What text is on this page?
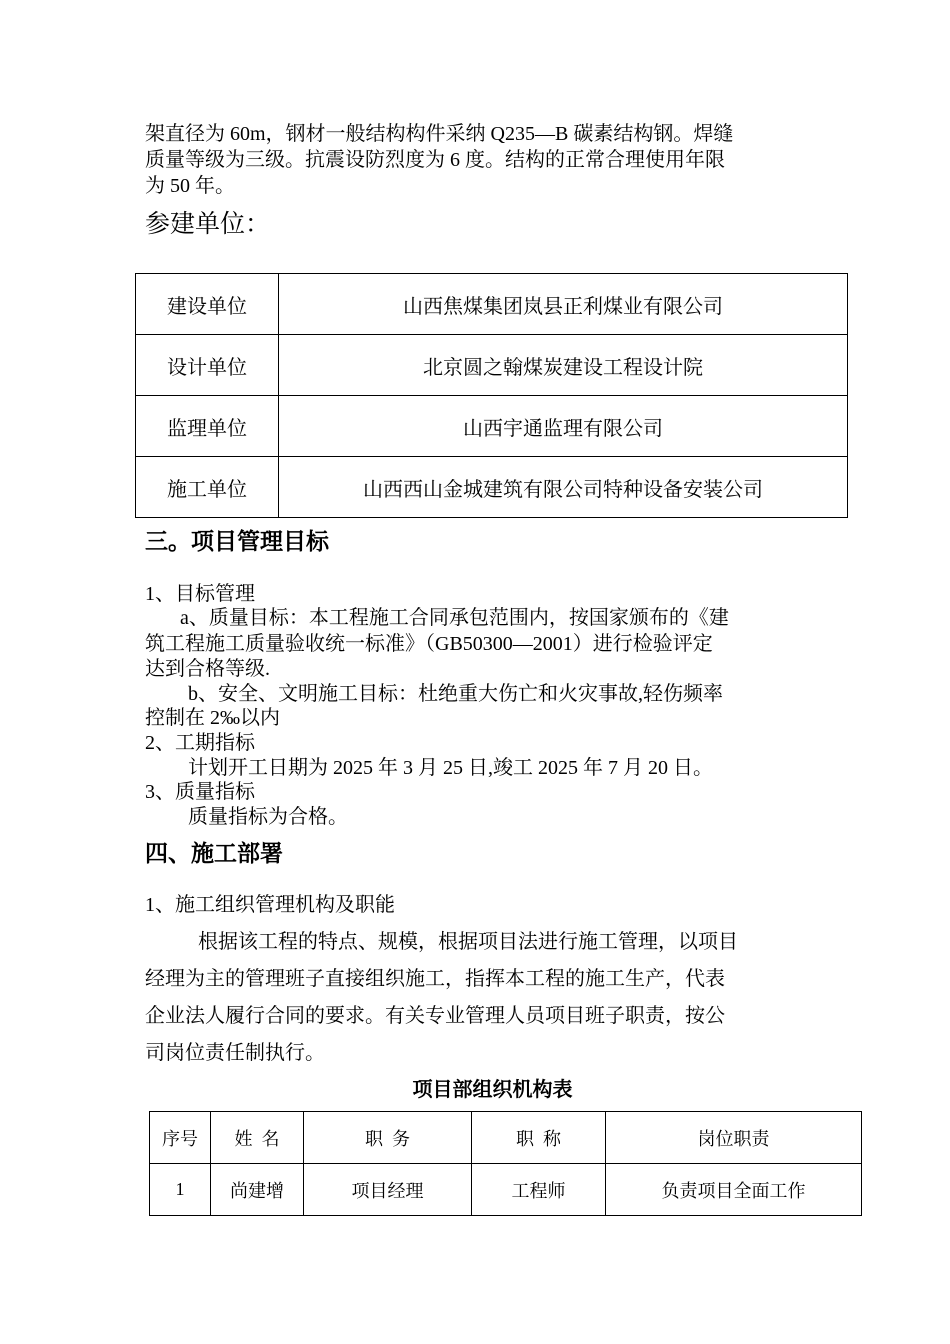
架直径为 60m，钢材一般结构构件采纳 Q235—B 碳素结构钢。焊缝
质量等级为三级。抗震设防烈度为 6 度。结构的正常合理使用年限
为 50 年。
参建单位：
建设单位	山西焦煤集团岚县正利煤业有限公司
设计单位	北京圆之翰煤炭建设工程设计院
监理单位	山西宇通监理有限公司
施工单位	山西西山金城建筑有限公司特种设备安装公司
三。项目管理目标
1、目标管理
a、质量目标：本工程施工合同承包范围内，按国家颁布的《建
筑工程施工质量验收统一标准》（GB50300—2001）进行检验评定
达到合格等级.
b、安全、文明施工目标：杜绝重大伤亡和火灾事故,轻伤频率
控制在 2‰以内
2、工期指标
计划开工日期为 2025 年 3 月 25 日,竣工 2025 年 7 月 20 日。
3、质量指标
质量指标为合格。
四、施工部署
1、施工组织管理机构及职能
根据该工程的特点、规模，根据项目法进行施工管理，以项目
经理为主的管理班子直接组织施工，指挥本工程的施工生产，代表
企业法人履行合同的要求。有关专业管理人员项目班子职责，按公
司岗位责任制执行。
项目部组织机构表
序号	姓  名	职  务	职  称	岗位职责
1	尚建增	项目经理	工程师	负责项目全面工作
